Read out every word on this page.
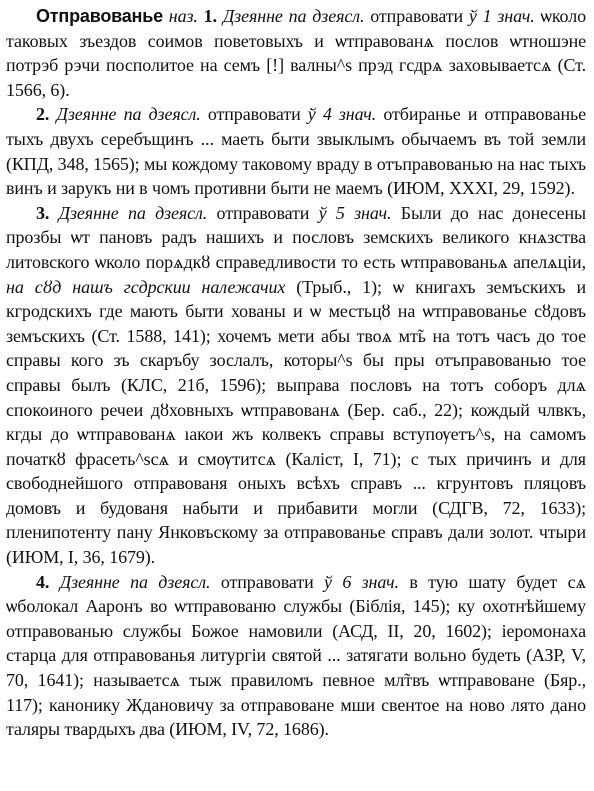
Отправованье наз. 1. Дзеянне па дзеясл. отправовати ў 1 знач. ѡколо таковых зъездов соимов поветовыхъ и ѡтправованѧ послов ѡтношэне потрэб рэчи посполитое на семъ [!] валны^s прэд гсдрѧ заховываетсѧ (Ст. 1566, 6).

2. Дзеянне па дзеясл. отправовати ў 4 знач. отбиранье и отправованье тыхъ двухъ серебъщинъ ... маеть быти звыклымъ обычаемъ въ той земли (КПД, 348, 1565); мы кождому таковому враду в отъправованью на нас тыхъ винъ и зарукъ ни в чомъ противни быти не маемъ (ИЮМ, XXXI, 29, 1592).

3. Дзеянне па дзеясл. отправовати ў 5 знач. Были до нас донесены прозбы ѡт пановъ радъ нашихъ и пословъ земскихъ великого кнѧзства литовского ѡколо порѧдкȣ справедливости то есть ѡтправованьѧ апелѧціи, на сȣд нашъ гсдрскии належачих (Трыб., 1); ѡ книгахъ земъскихъ и кгродскихъ где мають быти хованы и ѡ местьцȣ на ѡтправованье сȣдовъ земъскихъ (Ст. 1588, 141); хочемъ мети абы твоѧ мт̃ь на тотъ часъ до тое справы кого зъ скаръбу зослалъ, которы^s бы пры отъправованью тое справы былъ (КЛС, 21б, 1596); выправа пословъ на тотъ соборъ длѧ спокоиного речеи дȣховныхъ ѡтправованѧ (Бер. саб., 22); кождый члвкъ, кгды до ѡтправованѧ ıакои жъ колвекъ справы вступѹетъ^s, на самомъ початкȣ фрасеть^sсѧ и смѹтитсѧ (Каліст, I, 71); с тых причинъ и для свободнейшого отправованя оныхъ всѣхъ справъ ... кгрунтовъ пляцовъ домовъ и будованя набыти и прибавити могли (СДГВ, 72, 1633); пленипотенту пану Янковъскому за отправованье справъ дали золот. чтыри (ИЮМ, I, 36, 1679).

4. Дзеянне па дзеясл. отправовати ў 6 знач. в тую шату будет сѧ ѡболокал Ааронъ во ѡтправованю службы (Біблія, 145); ку охотнѣйшему отправованью службы Божое намовили (АСД, II, 20, 1602); іеромонаха старца для отправованья литургіи святой ... затягати вольно будеть (АЗР, V, 70, 1641); называетсѧ тыж правиломъ певное мл̃твъ ѡтправоване (Бяр., 117); канонику Ждановичу за отправоване мши свентое на ново лято дано таляры твардыхъ два (ИЮМ, IV, 72, 1686).
